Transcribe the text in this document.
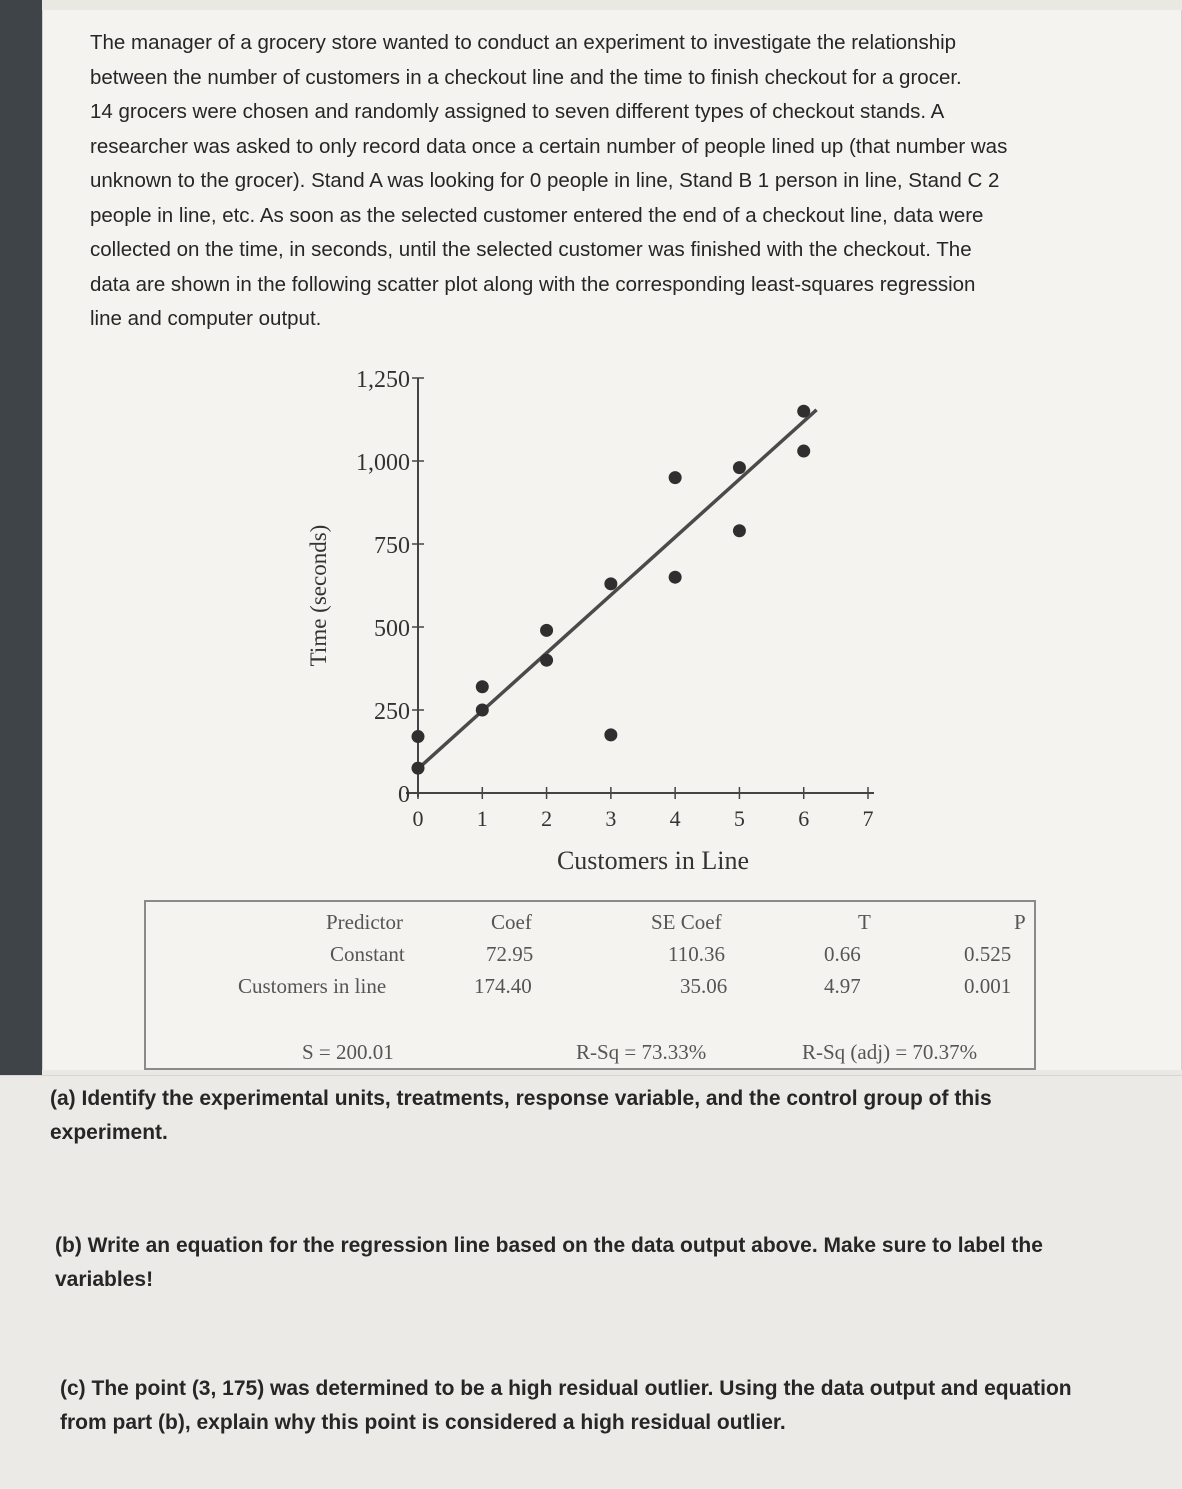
The manager of a grocery store wanted to conduct an experiment to investigate the relationship

between the number of customers in a checkout line and the time to finish checkout for a grocer.

14 grocers were chosen and randomly assigned to seven different types of checkout stands. A

researcher was asked to only record data once a certain number of people lined up (that number was

unknown to the grocer). Stand A was looking for 0 people in line, Stand B 1 person in line, Stand C 2

people in line, etc. As soon as the selected customer entered the end of a checkout line, data were

collected on the time, in seconds, until the selected customer was finished with the checkout. The

data are shown in the following scatter plot along with the corresponding least-squares regression

line and computer output.

0 1 2 3 4 5 6 7
0
250
500
750
1,000
1,250
Customers in Line
Time (seconds)
Predictor	Coef	SE Coef	T	P
Constant	72.95	110.36	0.66	0.525
Customers in line	174.40	35.06	4.97	0.001
S = 200.01	R-Sq = 73.33%	R-Sq (adj) = 70.37%
(a) Identify the experimental units, treatments, response variable, and the control group of this experiment.
(b) Write an equation for the regression line based on the data output above. Make sure to label the variables!
(c) The point (3, 175) was determined to be a high residual outlier. Using the data output and equation from part (b), explain why this point is considered a high residual outlier.
